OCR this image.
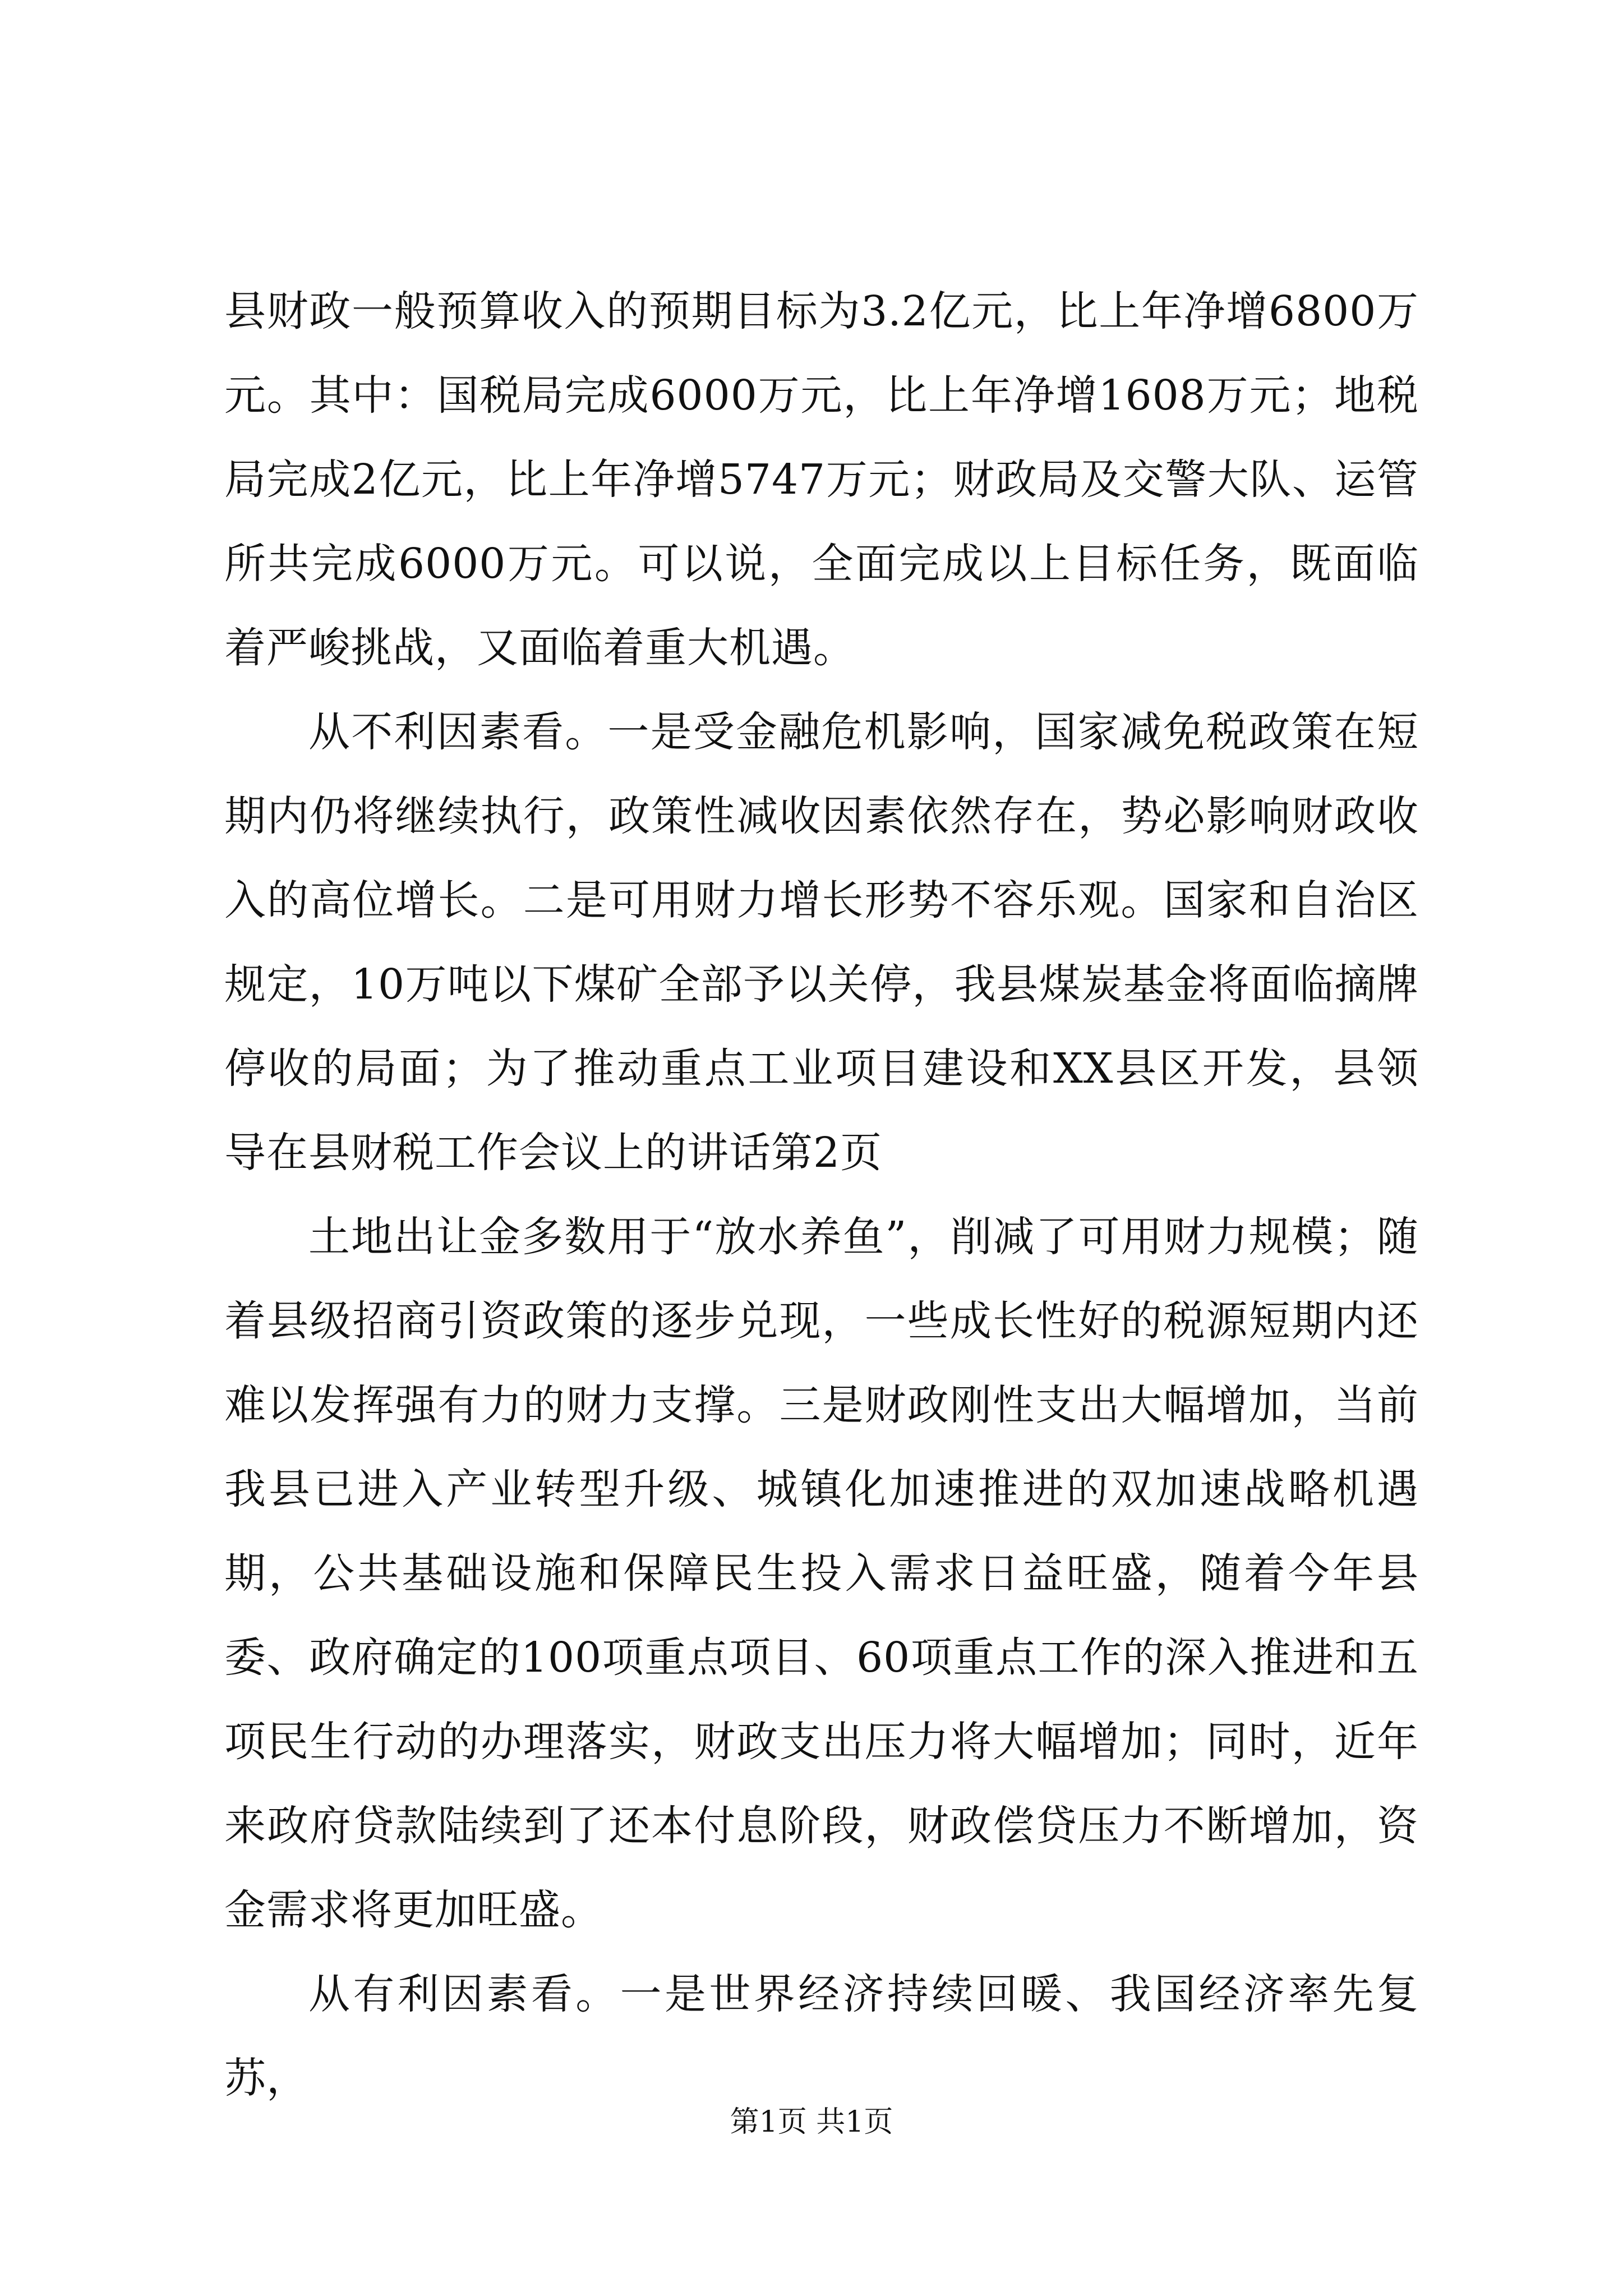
县财政一般预算收入的预期目标为3.2亿元，比上年净增6800万元。其中：国税局完成6000万元，比上年净增1608万元；地税局完成2亿元，比上年净增5747万元；财政局及交警大队、运管所共完成6000万元。可以说，全面完成以上目标任务，既面临着严峻挑战，又面临着重大机遇。

从不利因素看。一是受金融危机影响，国家减免税政策在短期内仍将继续执行，政策性减收因素依然存在，势必影响财政收入的高位增长。二是可用财力增长形势不容乐观。国家和自治区规定，10万吨以下煤矿全部予以关停，我县煤炭基金将面临摘牌停收的局面；为了推动重点工业项目建设和XX县区开发，县领导在县财税工作会议上的讲话第2页

土地出让金多数用于“放水养鱼”，削减了可用财力规模；随着县级招商引资政策的逐步兑现，一些成长性好的税源短期内还难以发挥强有力的财力支撑。三是财政刚性支出大幅增加，当前我县已进入产业转型升级、城镇化加速推进的双加速战略机遇期，公共基础设施和保障民生投入需求日益旺盛，随着今年县委、政府确定的100项重点项目、60项重点工作的深入推进和五项民生行动的办理落实，财政支出压力将大幅增加；同时，近年来政府贷款陆续到了还本付息阶段，财政偿贷压力不断增加，资金需求将更加旺盛。

从有利因素看。一是世界经济持续回暖、我国经济率先复苏，

第1页 共1页
